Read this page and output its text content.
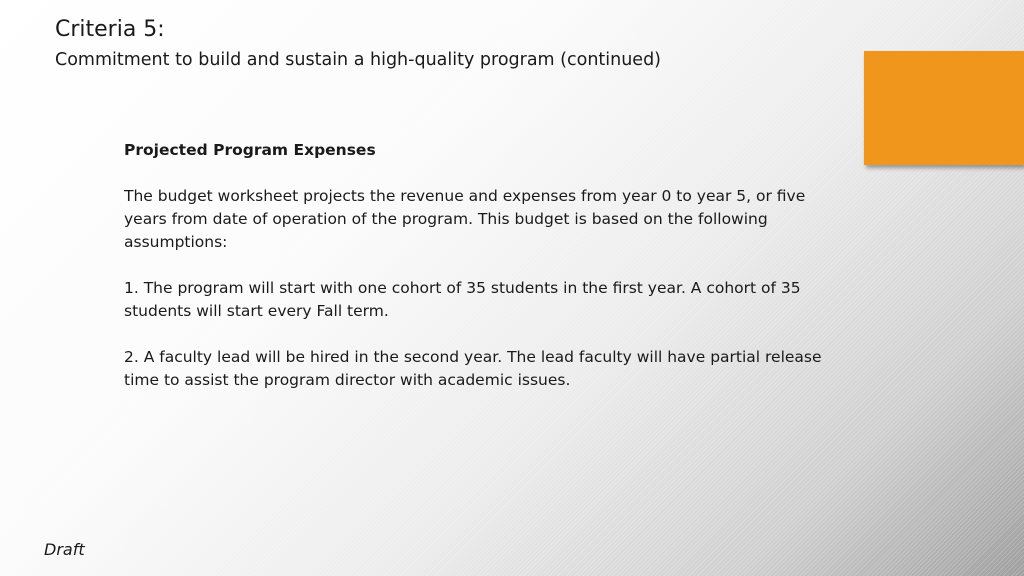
Criteria 5:
Commitment to build and sustain a high-quality program (continued)

Projected Program Expenses

The budget worksheet projects the revenue and expenses from year 0 to year 5, or five years from date of operation of the program. This budget is based on the following assumptions:

1. The program will start with one cohort of 35 students in the first year. A cohort of 35 students will start every Fall term.

2. A faculty lead will be hired in the second year. The lead faculty will have partial release time to assist the program director with academic issues.

Draft
